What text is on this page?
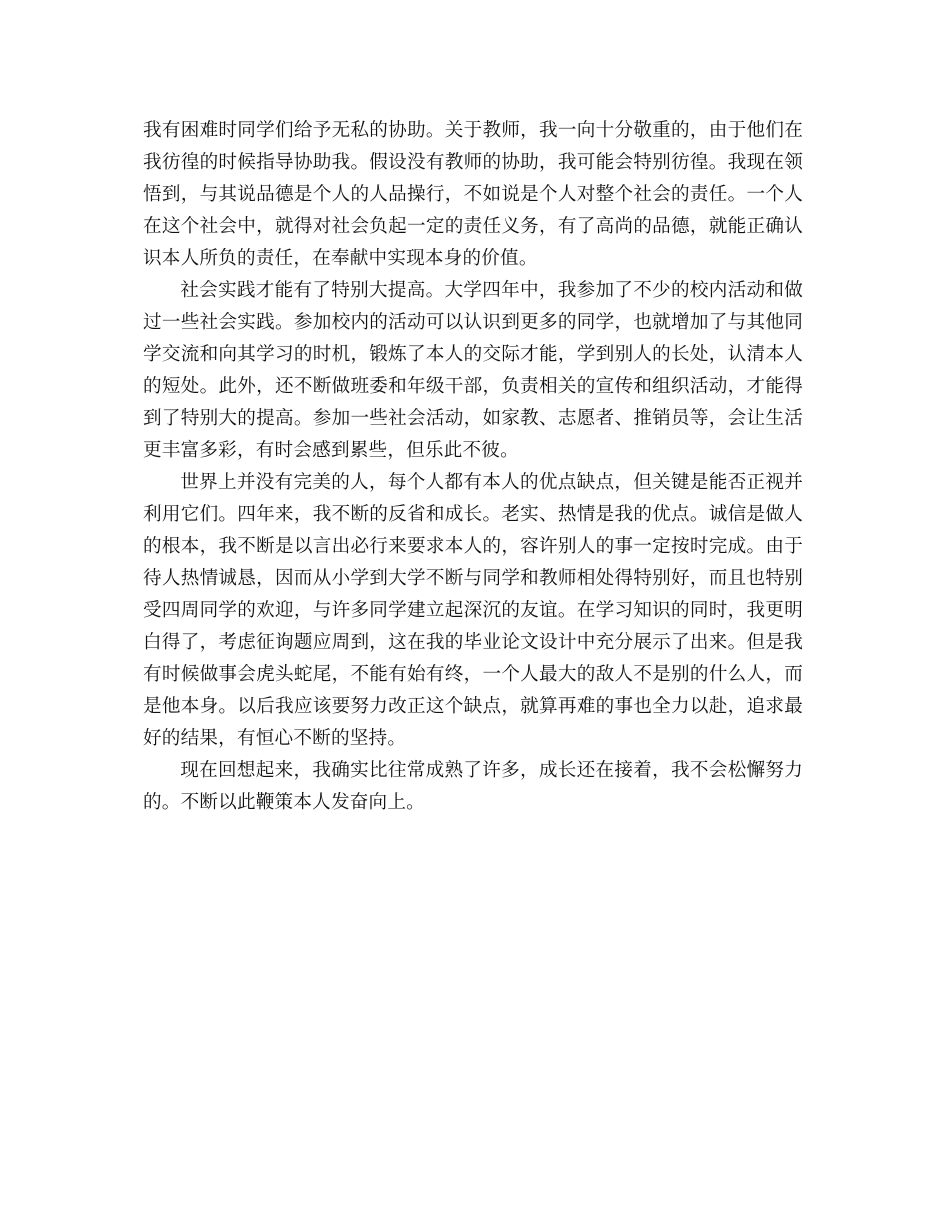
我有困难时同学们给予无私的协助。关于教师，我一向十分敬重的，由于他们在我彷徨的时候指导协助我。假设没有教师的协助，我可能会特别彷徨。我现在领悟到，与其说品德是个人的人品操行，不如说是个人对整个社会的责任。一个人在这个社会中，就得对社会负起一定的责任义务，有了高尚的品德，就能正确认识本人所负的责任，在奉献中实现本身的价值。

社会实践才能有了特别大提高。大学四年中，我参加了不少的校内活动和做过一些社会实践。参加校内的活动可以认识到更多的同学，也就增加了与其他同学交流和向其学习的时机，锻炼了本人的交际才能，学到别人的长处，认清本人的短处。此外，还不断做班委和年级干部，负责相关的宣传和组织活动，才能得到了特别大的提高。参加一些社会活动，如家教、志愿者、推销员等，会让生活更丰富多彩，有时会感到累些，但乐此不彼。

世界上并没有完美的人，每个人都有本人的优点缺点，但关键是能否正视并利用它们。四年来，我不断的反省和成长。老实、热情是我的优点。诚信是做人的根本，我不断是以言出必行来要求本人的，容许别人的事一定按时完成。由于待人热情诚恳，因而从小学到大学不断与同学和教师相处得特别好，而且也特别受四周同学的欢迎，与许多同学建立起深沉的友谊。在学习知识的同时，我更明白得了，考虑征询题应周到，这在我的毕业论文设计中充分展示了出来。但是我有时候做事会虎头蛇尾，不能有始有终，一个人最大的敌人不是别的什么人，而是他本身。以后我应该要努力改正这个缺点，就算再难的事也全力以赴，追求最好的结果，有恒心不断的坚持。

现在回想起来，我确实比往常成熟了许多，成长还在接着，我不会松懈努力的。不断以此鞭策本人发奋向上。
